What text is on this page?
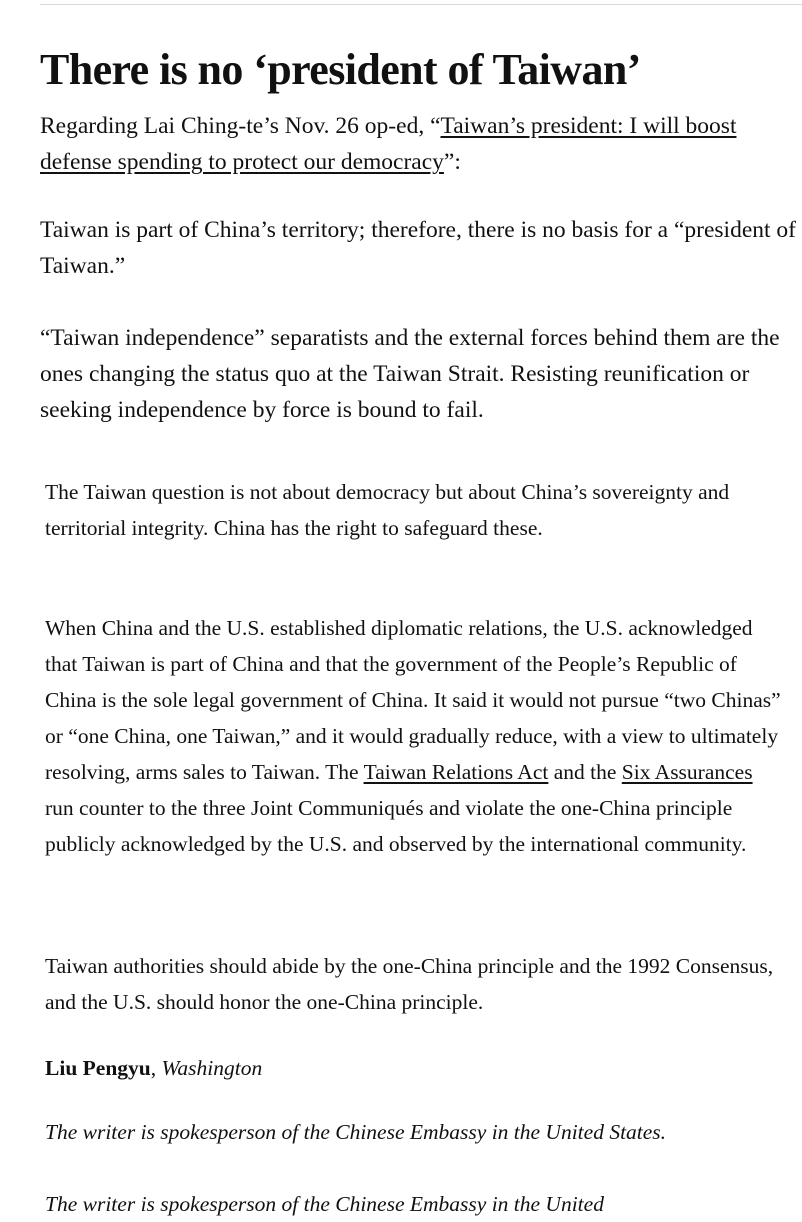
There is no ‘president of Taiwan’

Regarding Lai Ching-te’s Nov. 26 op-ed, “Taiwan’s president: I will boost defense spending to protect our democracy”:

Taiwan is part of China’s territory; therefore, there is no basis for a “president of Taiwan.”

“Taiwan independence” separatists and the external forces behind them are the ones changing the status quo at the Taiwan Strait. Resisting reunification or seeking independence by force is bound to fail.

The Taiwan question is not about democracy but about China’s sovereignty and territorial integrity. China has the right to safeguard these.

When China and the U.S. established diplomatic relations, the U.S. acknowledged that Taiwan is part of China and that the government of the People’s Republic of China is the sole legal government of China. It said it would not pursue “two Chinas” or “one China, one Taiwan,” and it would gradually reduce, with a view to ultimately resolving, arms sales to Taiwan. The Taiwan Relations Act and the Six Assurances run counter to the three Joint Communiqués and violate the one-China principle publicly acknowledged by the U.S. and observed by the international community.

Taiwan authorities should abide by the one-China principle and the 1992 Consensus, and the U.S. should honor the one-China principle.

Liu Pengyu, Washington

The writer is spokesperson of the Chinese Embassy in the United States.

The writer is spokesperson of the Chinese Embassy in the United
